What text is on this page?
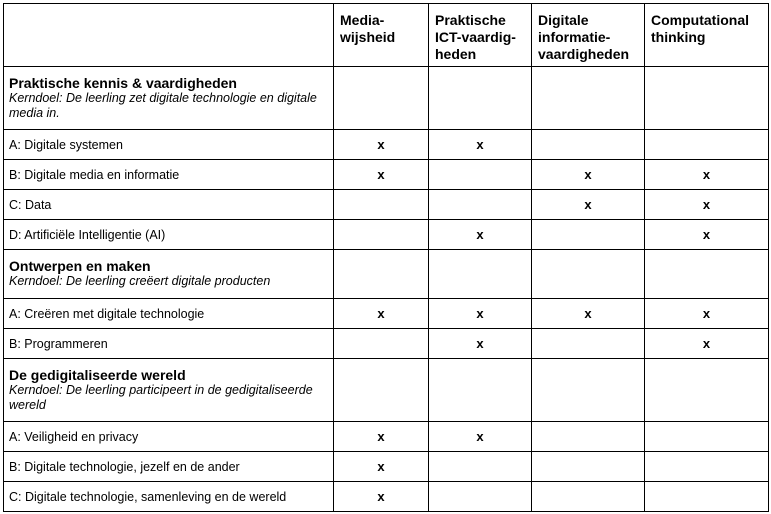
	Media-
wijsheid	Praktische
ICT-vaardig-
heden	Digitale
informatie-
vaardigheden	Computational
thinking

Praktische kennis & vaardigheden
Kerndoel: De leerling zet digitale technologie en digitale media in.				

A: Digitale systemen	x	x		
B: Digitale media en informatie	x		x	x
C: Data			x	x
D: Artificiële Intelligentie (AI)		x		x

Ontwerpen en maken
Kerndoel: De leerling creëert digitale producten				

A: Creëren met digitale technologie	x	x	x	x
B: Programmeren		x		x

De gedigitaliseerde wereld
Kerndoel: De leerling participeert in de gedigitaliseerde wereld				

A: Veiligheid en privacy	x	x		
B: Digitale technologie, jezelf en de ander	x			
C: Digitale technologie, samenleving en de wereld	x			
